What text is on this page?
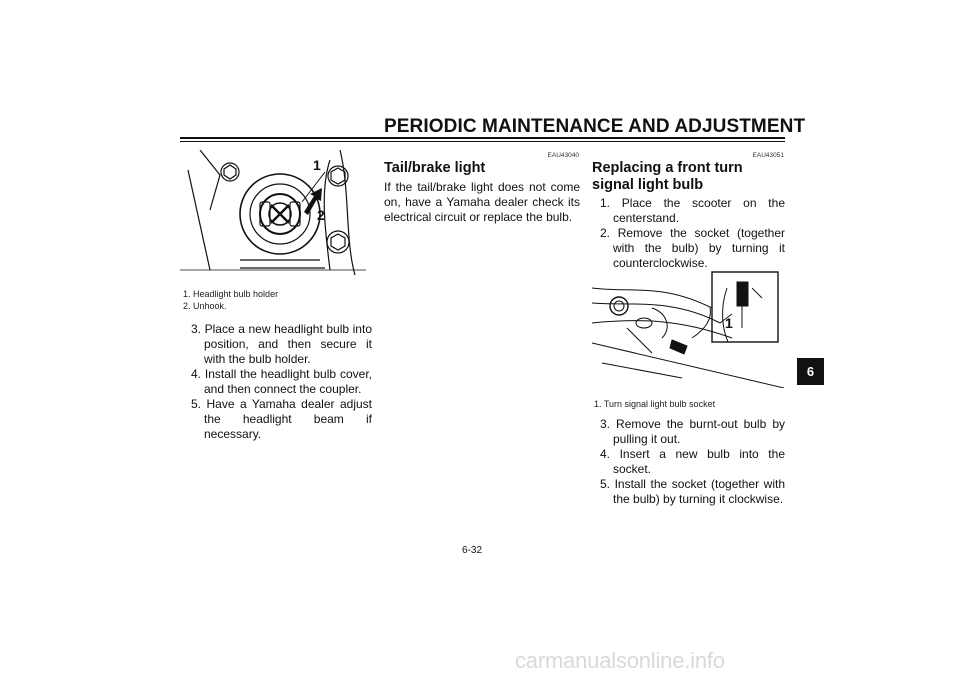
PERIODIC MAINTENANCE AND ADJUSTMENT
1
2
1. Headlight bulb holder
2. Unhook.
3. Place a new headlight bulb into position, and then secure it with the bulb holder.
4. Install the headlight bulb cover, and then connect the coupler.
5. Have a Yamaha dealer adjust the headlight beam if necessary.
EAU43040
Tail/brake light
If the tail/brake light does not come on, have a Yamaha dealer check its electrical circuit or replace the bulb.
EAU43051
Replacing a front turn signal light bulb
1. Place the scooter on the centerstand.
2. Remove the socket (together with the bulb) by turning it counterclockwise.
1
1. Turn signal light bulb socket
3. Remove the burnt-out bulb by pulling it out.
4. Insert a new bulb into the socket.
5. Install the socket (together with the bulb) by turning it clockwise.
6
6-32
carmanualsonline.info
